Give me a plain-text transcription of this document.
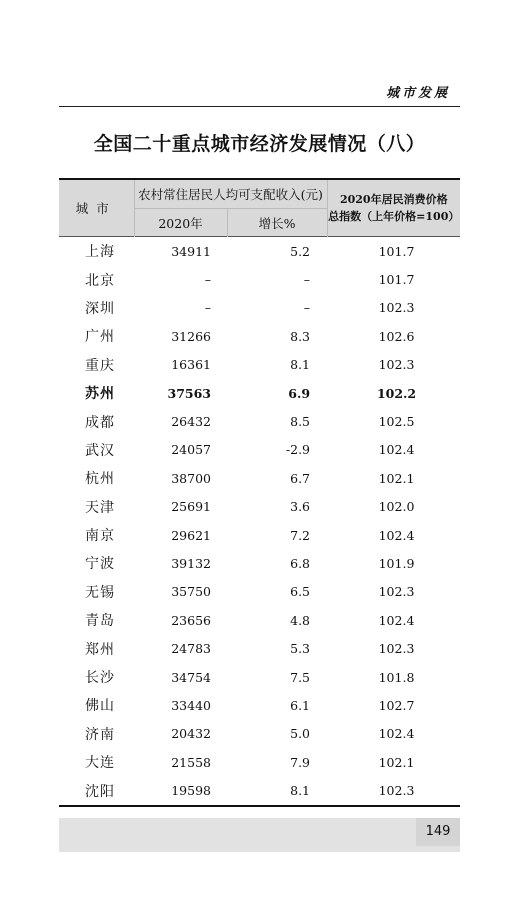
城市发展
全国二十重点城市经济发展情况（八）
城市	农村常住居民人均可支配收入(元)		2020年居民消费价格
总指数（上年价格=100）

	2020年	增长%	
上海	34911	5.2	101.7
北京	–	–	101.7
深圳	–	–	102.3
广州	31266	8.3	102.6
重庆	16361	8.1	102.3
苏州	37563	6.9	102.2
成都	26432	8.5	102.5
武汉	24057	-2.9	102.4
杭州	38700	6.7	102.1
天津	25691	3.6	102.0
南京	29621	7.2	102.4
宁波	39132	6.8	101.9
无锡	35750	6.5	102.3
青岛	23656	4.8	102.4
郑州	24783	5.3	102.3
长沙	34754	7.5	101.8
佛山	33440	6.1	102.7
济南	20432	5.0	102.4
大连	21558	7.9	102.1
沈阳	19598	8.1	102.3
149
